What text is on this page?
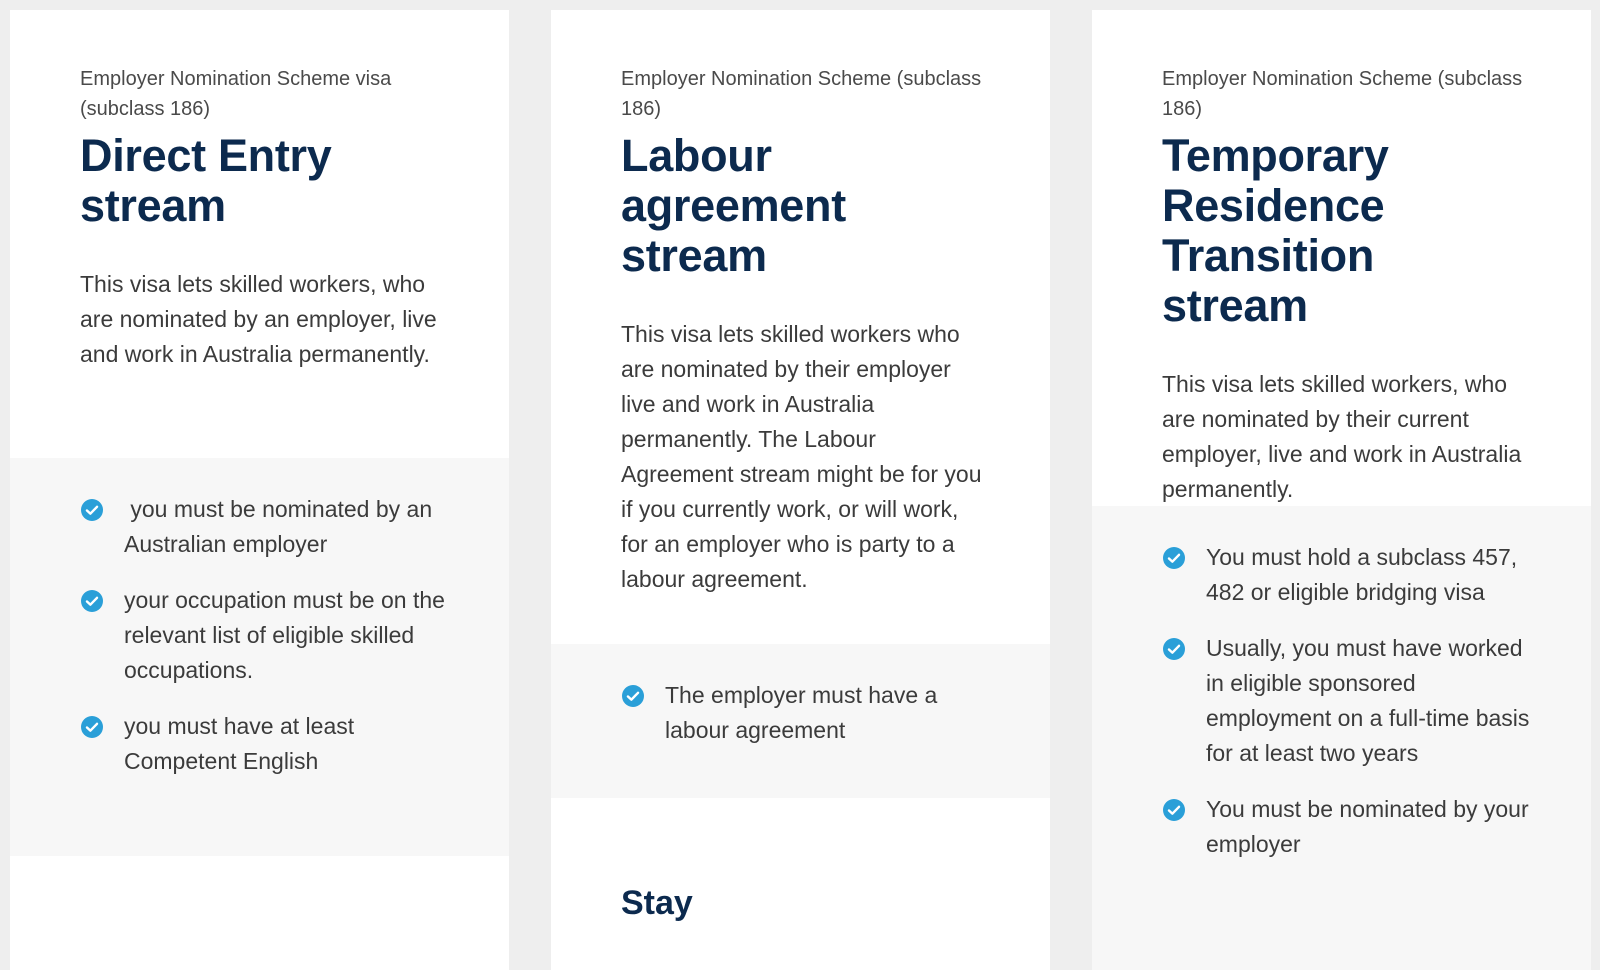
Employer Nomination Scheme visa (subclass 186)

Direct Entry stream

This visa lets skilled workers, who are nominated by an employer, live and work in Australia permanently.

you must be nominated by an Australian employer
your occupation must be on the relevant list of eligible skilled occupations.
you must have at least Competent English

Employer Nomination Scheme (subclass 186)

Labour agreement stream

This visa lets skilled workers who are nominated by their employer live and work in Australia permanently. The Labour Agreement stream might be for you if you currently work, or will work, for an employer who is party to a labour agreement.

The employer must have a labour agreement
Stay

Employer Nomination Scheme (subclass 186)

Temporary Residence Transition stream

This visa lets skilled workers, who are nominated by their current employer, live and work in Australia permanently.

You must hold a subclass 457, 482 or eligible bridging visa
Usually, you must have worked in eligible sponsored employment on a full-time basis for at least two years
You must be nominated by your employer
